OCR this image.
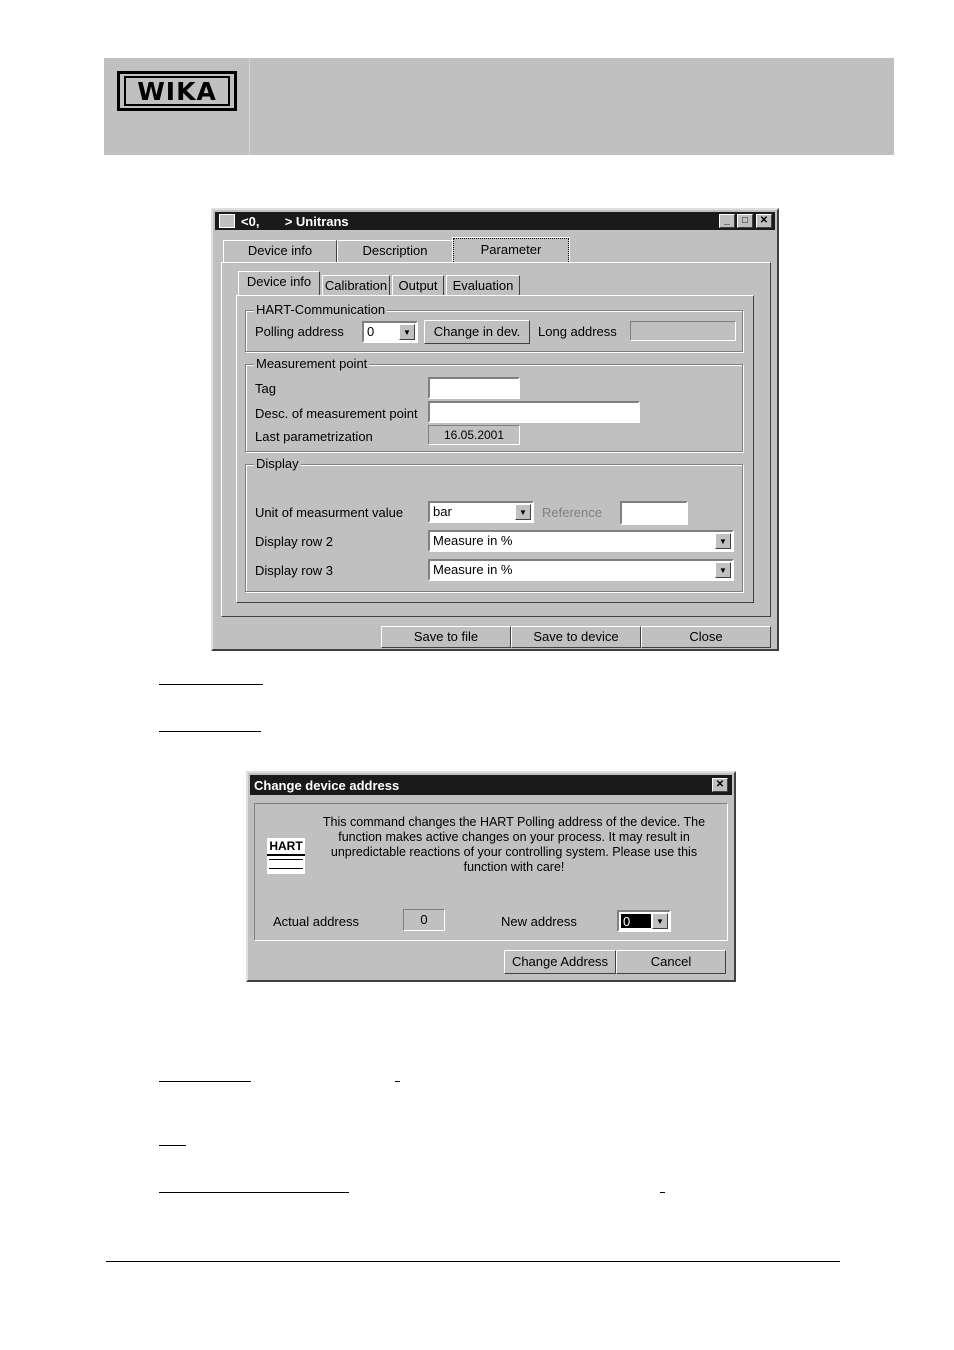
WIKA
<0,       > Unitrans	_	□	✕
Device info	Description	Parameter
Device info	Calibration Output	Evaluation
HART-Communication
Polling address 0	▼	Change in dev.	Long address
Measurement point
Tag
Desc. of measurement point
Last parametrization	16.05.2001
Display
Unit of measurment value bar	▼	Reference
Display row 2	Measure in %	▼
Display row 3	Measure in %	▼
Save to file	Save to device	Close
Change device address	✕
HART
This command changes the HART Polling address of the device. The function makes active changes on your process. It may result in unpredictable reactions of your controlling system. Please use this function with care!
Actual address	0	New address	0	▼
Change Address	Cancel
